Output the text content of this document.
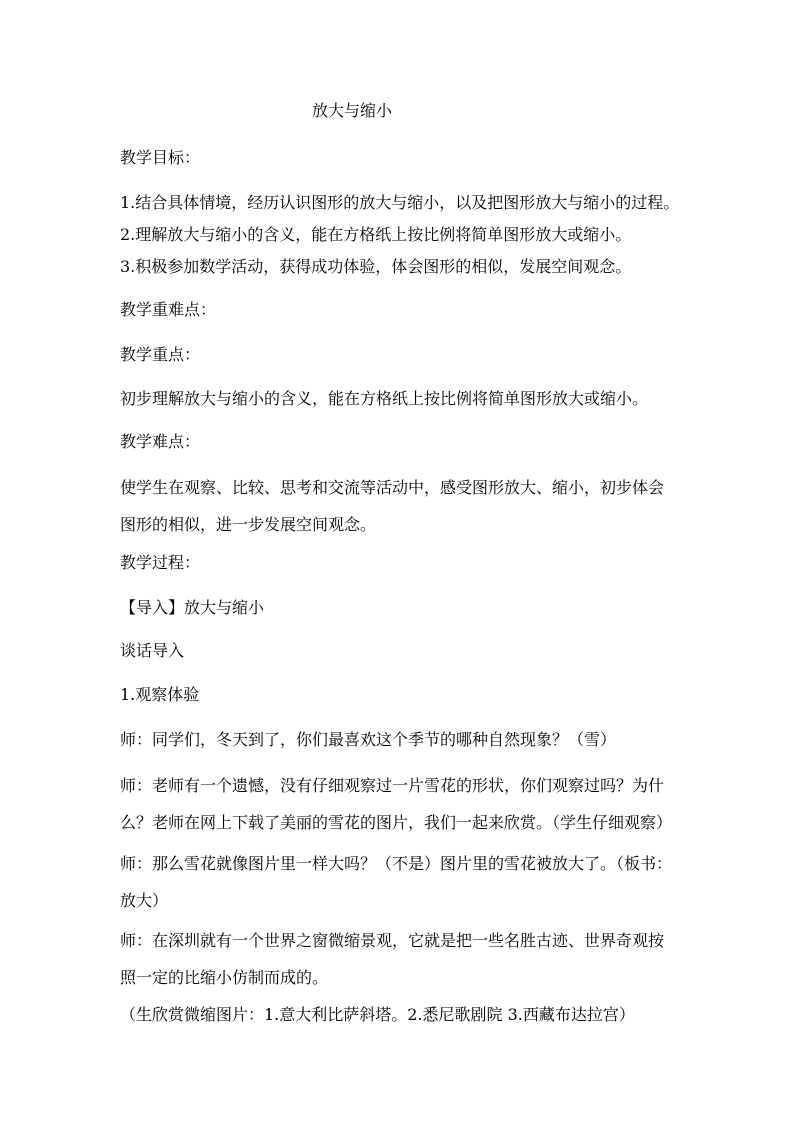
放大与缩小
教学目标：
1.结合具体情境，经历认识图形的放大与缩小，以及把图形放大与缩小的过程。
2.理解放大与缩小的含义，能在方格纸上按比例将简单图形放大或缩小。
3.积极参加数学活动，获得成功体验，体会图形的相似，发展空间观念。
教学重难点：
教学重点：
初步理解放大与缩小的含义，能在方格纸上按比例将简单图形放大或缩小。
教学难点：
使学生在观察、比较、思考和交流等活动中，感受图形放大、缩小，初步体会
图形的相似，进一步发展空间观念。
教学过程：
【导入】放大与缩小
谈话导入
1.观察体验
师：同学们，冬天到了，你们最喜欢这个季节的哪种自然现象？（雪）
师：老师有一个遗憾，没有仔细观察过一片雪花的形状，你们观察过吗？为什
么？老师在网上下载了美丽的雪花的图片，我们一起来欣赏。（学生仔细观察）
师：那么雪花就像图片里一样大吗？（不是）图片里的雪花被放大了。（板书：
放大）
师：在深圳就有一个世界之窗微缩景观，它就是把一些名胜古迹、世界奇观按
照一定的比缩小仿制而成的。
（生欣赏微缩图片：1.意大利比萨斜塔。2.悉尼歌剧院 3.西藏布达拉宫）
